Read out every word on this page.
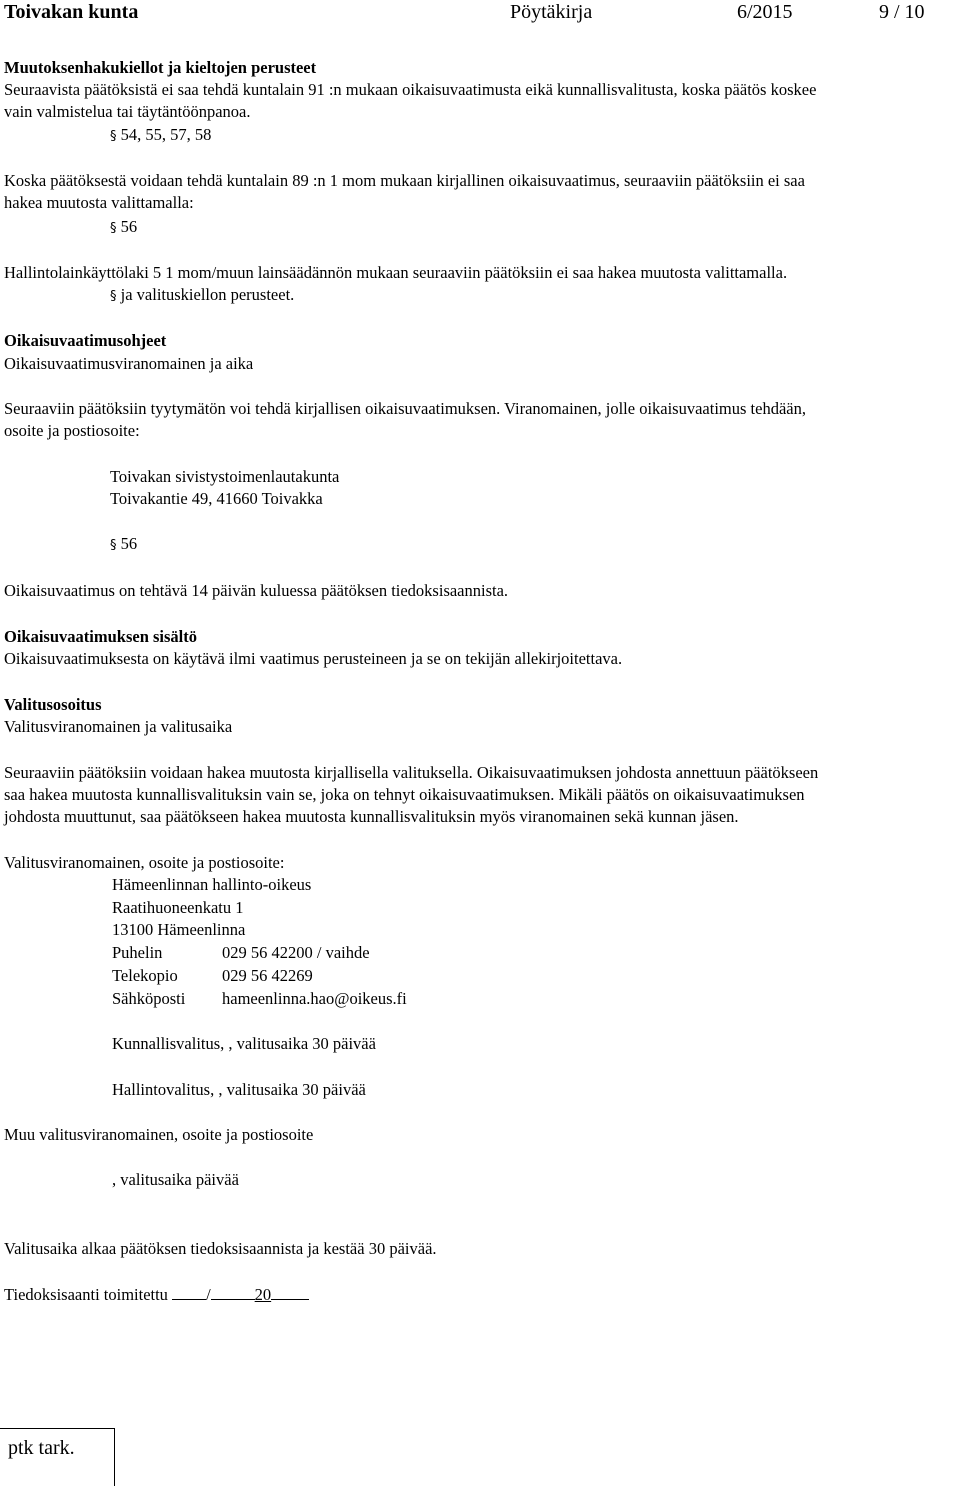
Toivakan kunta	Pöytäkirja	6/2015	9 / 10
Muutoksenhakukiellot ja kieltojen perusteet
Seuraavista päätöksistä ei saa tehdä kuntalain 91 :n mukaan oikaisuvaatimusta eikä kunnallisvalitusta, koska päätös koskee
vain valmistelua tai täytäntöönpanoa.
§ 54, 55, 57, 58
Koska päätöksestä voidaan tehdä kuntalain 89 :n 1 mom mukaan kirjallinen oikaisuvaatimus, seuraaviin päätöksiin ei saa
hakea muutosta valittamalla:
§ 56
Hallintolainkäyttölaki 5 1 mom/muun lainsäädännön mukaan seuraaviin päätöksiin ei saa hakea muutosta valittamalla.
§ ja valituskiellon perusteet.
Oikaisuvaatimusohjeet
Oikaisuvaatimusviranomainen ja aika
Seuraaviin päätöksiin tyytymätön voi tehdä kirjallisen oikaisuvaatimuksen. Viranomainen, jolle oikaisuvaatimus tehdään,
osoite ja postiosoite:
Toivakan sivistystoimenlautakunta
Toivakantie 49, 41660 Toivakka
§ 56
Oikaisuvaatimus on tehtävä 14 päivän kuluessa päätöksen tiedoksisaannista.
Oikaisuvaatimuksen sisältö
Oikaisuvaatimuksesta on käytävä ilmi vaatimus perusteineen ja se on tekijän allekirjoitettava.
Valitusosoitus
Valitusviranomainen ja valitusaika
Seuraaviin päätöksiin voidaan hakea muutosta kirjallisella valituksella. Oikaisuvaatimuksen johdosta annettuun päätökseen
saa hakea muutosta kunnallisvalituksin vain se, joka on tehnyt oikaisuvaatimuksen. Mikäli päätös on oikaisuvaatimuksen
johdosta muuttunut, saa päätökseen hakea muutosta kunnallisvalituksin myös viranomainen sekä kunnan jäsen.
Valitusviranomainen, osoite ja postiosoite:
Hämeenlinnan hallinto-oikeus
Raatihuoneenkatu 1
13100 Hämeenlinna
Puhelin	029 56 42200 / vaihde
Telekopio	029 56 42269
Sähköposti hameenlinna.hao@oikeus.fi
Kunnallisvalitus, , valitusaika 30 päivää
Hallintovalitus, , valitusaika 30 päivää
Muu valitusviranomainen, osoite ja postiosoite
, valitusaika päivää
Valitusaika alkaa päätöksen tiedoksisaannista ja kestää 30 päivää.
Tiedoksisaanti toimitettu /	20
ptk tark.
